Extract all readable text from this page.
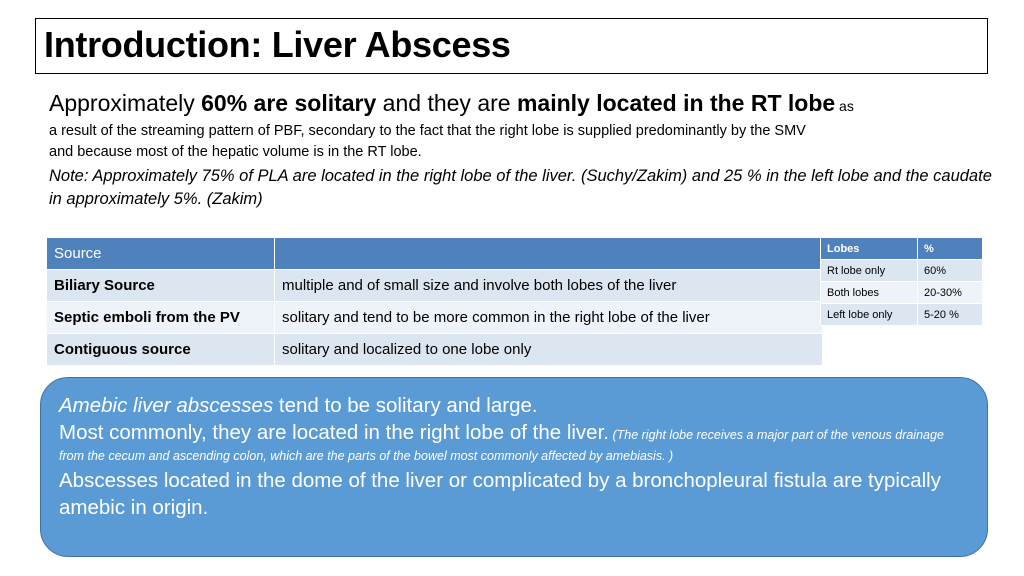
Introduction: Liver Abscess

Approximately 60% are solitary and they are mainly located in the RT lobe as

a result of the streaming pattern of PBF, secondary to the fact that the right lobe is supplied predominantly by the SMV

and because most of the hepatic volume is in the RT lobe.

Note: Approximately 75% of PLA are located in the right lobe of the liver. (Suchy/Zakim) and 25 % in the left lobe and the caudate in approximately 5%. (Zakim)

Source	
Biliary Source	multiple and of small size and involve both lobes of the liver
Septic emboli from the PV	solitary and tend to be more common in the right lobe of the liver
Contiguous source	solitary and localized to one lobe only
Lobes	%
Rt lobe only	60%
Both lobes	20-30%
Left lobe only	5-20 %

Amebic liver abscesses tend to be solitary and large.

Most commonly, they are located in the right lobe of the liver. (The right lobe receives a major part of the venous drainage from the cecum and ascending colon, which are the parts of the bowel most commonly affected by amebiasis. )

Abscesses located in the dome of the liver or complicated by a bronchopleural fistula are typically amebic in origin.
